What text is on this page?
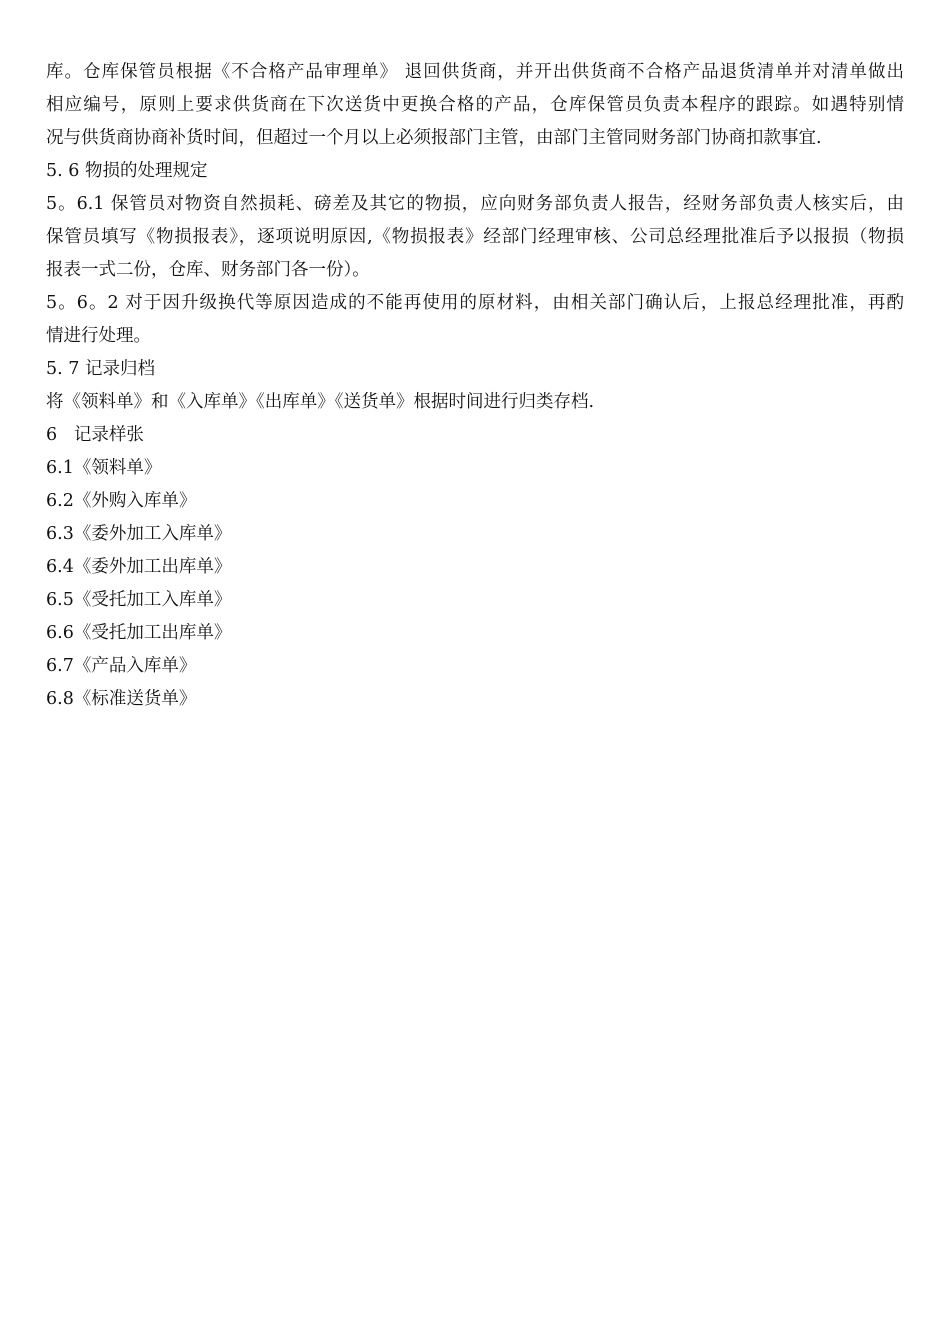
库。仓库保管员根据《不合格产品审理单》 退回供货商，并开出供货商不合格产品退货清单并对清单做出
相应编号，原则上要求供货商在下次送货中更换合格的产品，仓库保管员负责本程序的跟踪。如遇特别情
况与供货商协商补货时间，但超过一个月以上必须报部门主管，由部门主管同财务部门协商扣款事宜.
5. 6 物损的处理规定
5。6.1 保管员对物资自然损耗、磅差及其它的物损，应向财务部负责人报告，经财务部负责人核实后，由
保管员填写《物损报表》，逐项说明原因,《物损报表》经部门经理审核、公司总经理批准后予以报损（物损
报表一式二份，仓库、财务部门各一份）。
5。6。2 对于因升级换代等原因造成的不能再使用的原材料，由相关部门确认后，上报总经理批准，再酌
情进行处理。
5. 7 记录归档
将《领料单》和《入库单》《出库单》《送货单》根据时间进行归类存档.
6   记录样张
6.1《领料单》
6.2《外购入库单》
6.3《委外加工入库单》
6.4《委外加工出库单》
6.5《受托加工入库单》
6.6《受托加工出库单》
6.7《产品入库单》
6.8《标准送货单》
